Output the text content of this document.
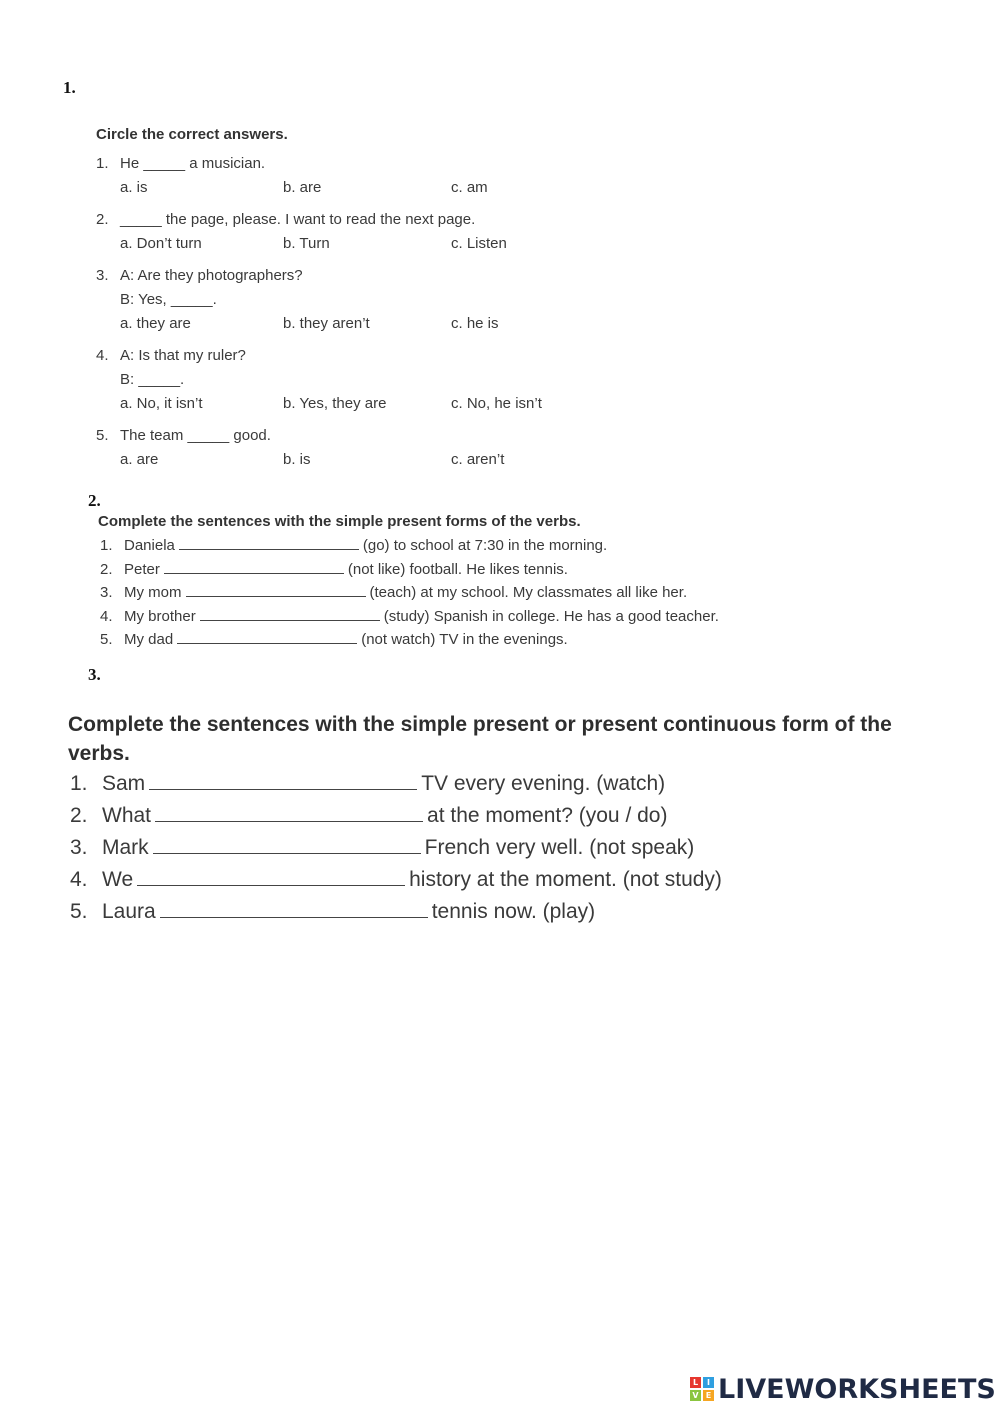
1.
2.
3.
Circle the correct answers.
1. He _____ a musician.
a. is	b. are	c. am
2. _____ the page, please. I want to read the next page.
a. Don’t turn	b. Turn	c. Listen
3. A: Are they photographers?
B: Yes, _____.
a. they are	b. they aren’t	c. he is
4. A: Is that my ruler?
B: _____.
a. No, it isn’t	b. Yes, they are	c. No, he isn’t
5. The team _____ good.
a. are	b. is	c. aren’t
Complete the sentences with the simple present forms of the verbs.
1. Daniela	(go) to school at 7:30 in the morning.
2. Peter	(not like) football. He likes tennis.
3. My mom	(teach) at my school. My classmates all like her.
4. My brother	(study) Spanish in college. He has a good teacher.
5. My dad	(not watch) TV in the evenings.
Complete the sentences with the simple present or present continuous form of the verbs.
1. Sam	TV every evening. (watch)
2. What	at the moment? (you / do)
3. Mark	French very well. (not speak)
4. We	history at the moment. (not study)
5. Laura	tennis now. (play)
L	I
V E LIVEWORKSHEETS
